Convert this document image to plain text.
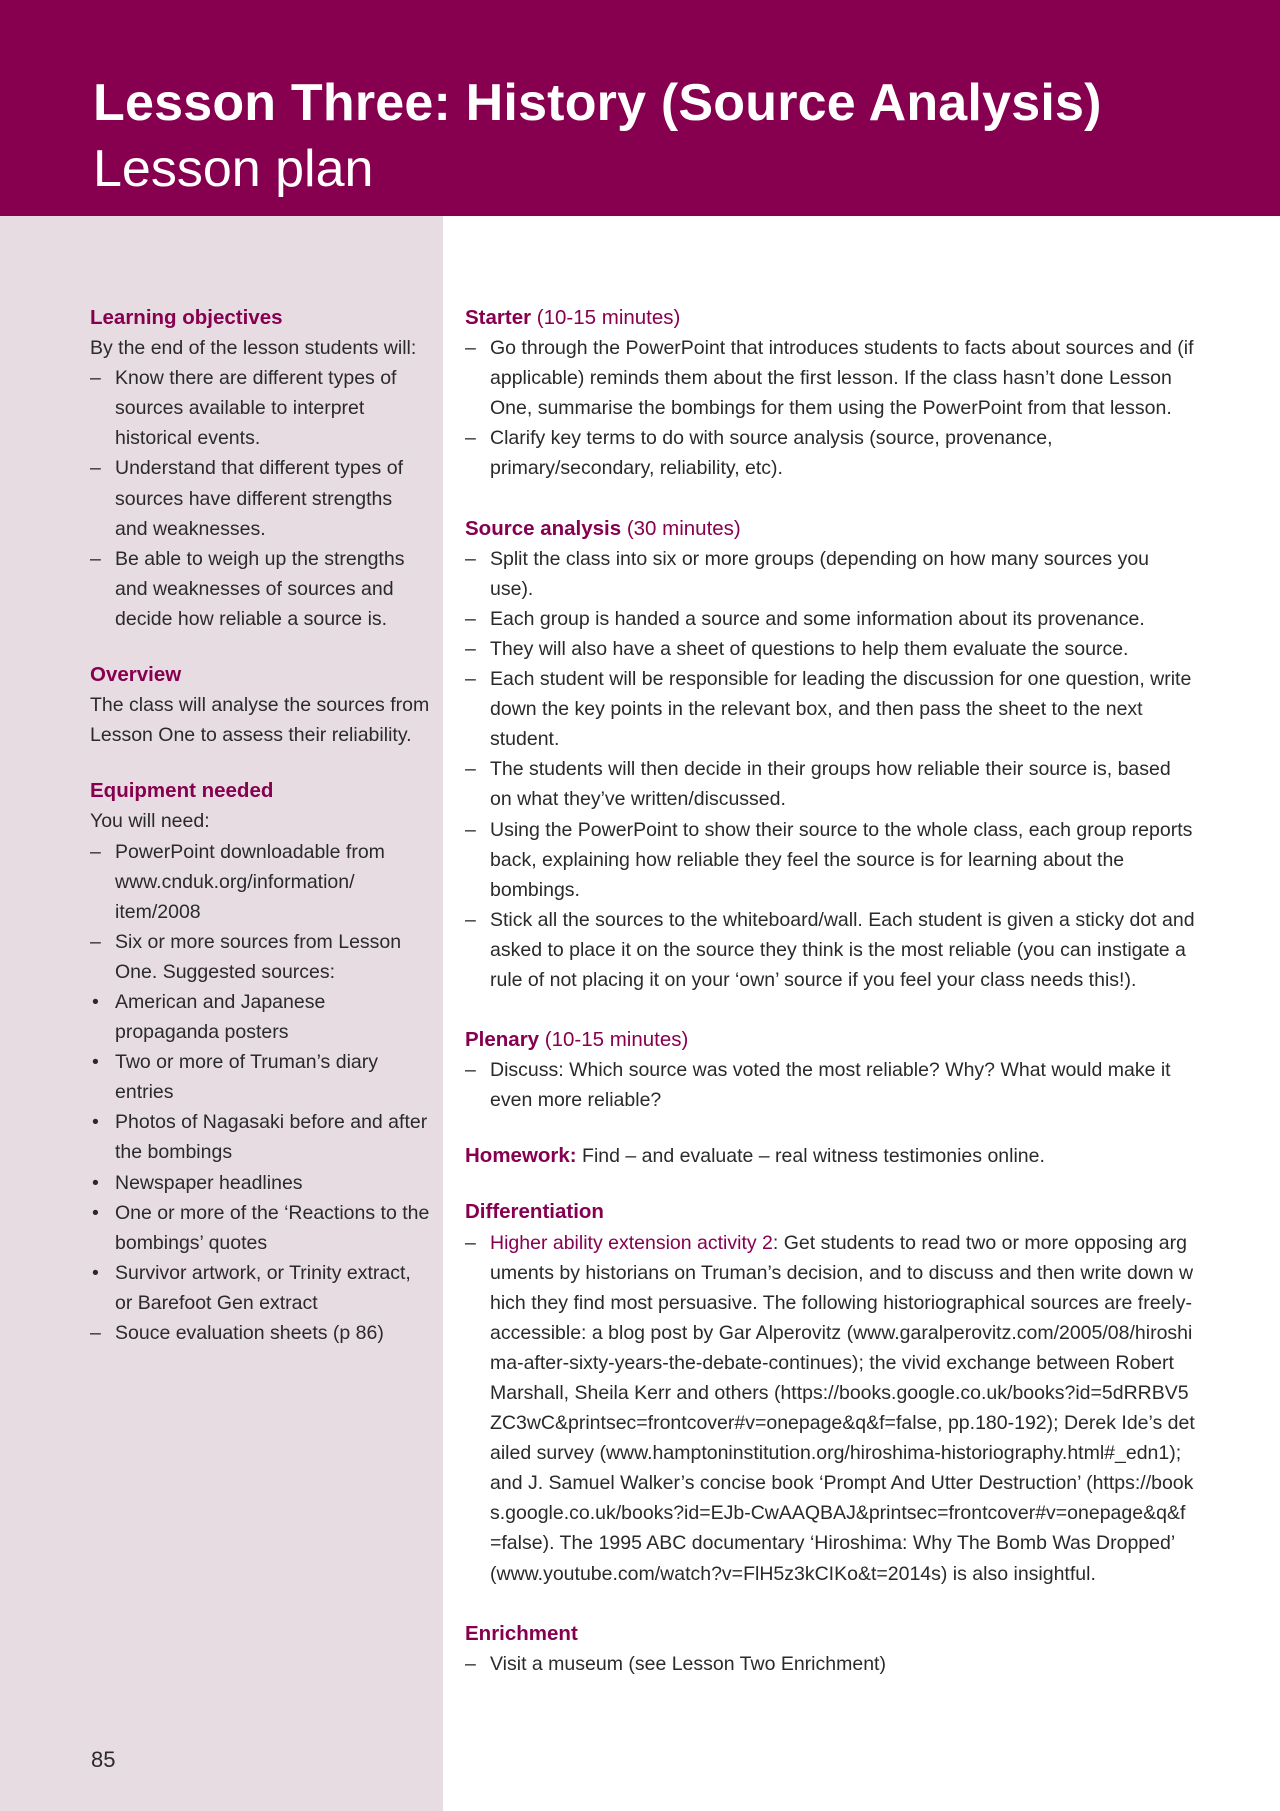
Lesson Three: History (Source Analysis)
Lesson plan
Learning objectives

By the end of the lesson students will:

– Know there are different types of sources available to interpret historical events.
– Understand that different types of sources have different strengths and weaknesses.
– Be able to weigh up the strengths and weaknesses of sources and decide how reliable a source is.
Overview

The class will analyse the sources from Lesson One to assess their reliability.

Equipment needed

You will need:

– PowerPoint downloadable from www.cnduk.org/information/ item/2008
– Six or more sources from Lesson One. Suggested sources:
• American and Japanese propaganda posters
• Two or more of Truman’s diary entries
• Photos of Nagasaki before and after the bombings
• Newspaper headlines
• One or more of the ‘Reactions to the bombings’ quotes
• Survivor artwork, or Trinity extract, or Barefoot Gen extract
– Souce evaluation sheets (p 86)
Starter (10-15 minutes)
– Go through the PowerPoint that introduces students to facts about sources and (if applicable) reminds them about the first lesson. If the class hasn’t done Lesson One, summarise the bombings for them using the PowerPoint from that lesson.
– Clarify key terms to do with source analysis (source, provenance, primary/secondary, reliability, etc).
Source analysis (30 minutes)
– Split the class into six or more groups (depending on how many sources you use).
– Each group is handed a source and some information about its provenance.
– They will also have a sheet of questions to help them evaluate the source.
– Each student will be responsible for leading the discussion for one question, write down the key points in the relevant box, and then pass the sheet to the next student.
– The students will then decide in their groups how reliable their source is, based on what they’ve written/discussed.
– Using the PowerPoint to show their source to the whole class, each group reports back, explaining how reliable they feel the source is for learning about the bombings.
– Stick all the sources to the whiteboard/wall. Each student is given a sticky dot and asked to place it on the source they think is the most reliable (you can instigate a rule of not placing it on your ‘own’ source if you feel your class needs this!).
Plenary (10-15 minutes)
– Discuss: Which source was voted the most reliable? Why? What would make it even more reliable?

Homework: Find – and evaluate – real witness testimonies online.

Differentiation
– Higher ability extension activity 2: Get students to read two or more opposing arguments by historians on Truman’s decision, and to discuss and then write down which they find most persuasive. The following historiographical sources are freely-accessible: a blog post by Gar Alperovitz (www.garalperovitz.com/2005/08/hiroshima-after-sixty-years-the-debate-continues); the vivid exchange between Robert Marshall, Sheila Kerr and others (https://books.google.co.uk/books?id=5dRRBV5ZC3wC&printsec=frontcover#v=onepage&q&f=false, pp.180-192); Derek Ide’s detailed survey (www.hamptoninstitution.org/hiroshima-historiography.html#_edn1); and J. Samuel Walker’s concise book ‘Prompt And Utter Destruction’ (https://books.google.co.uk/books?id=EJb-CwAAQBAJ&printsec=frontcover#v=onepage&q&f=false). The 1995 ABC documentary ‘Hiroshima: Why The Bomb Was Dropped’ (www.youtube.com/watch?v=FlH5z3kCIKo&t=2014s) is also insightful.
Enrichment
– Visit a museum (see Lesson Two Enrichment)
85
